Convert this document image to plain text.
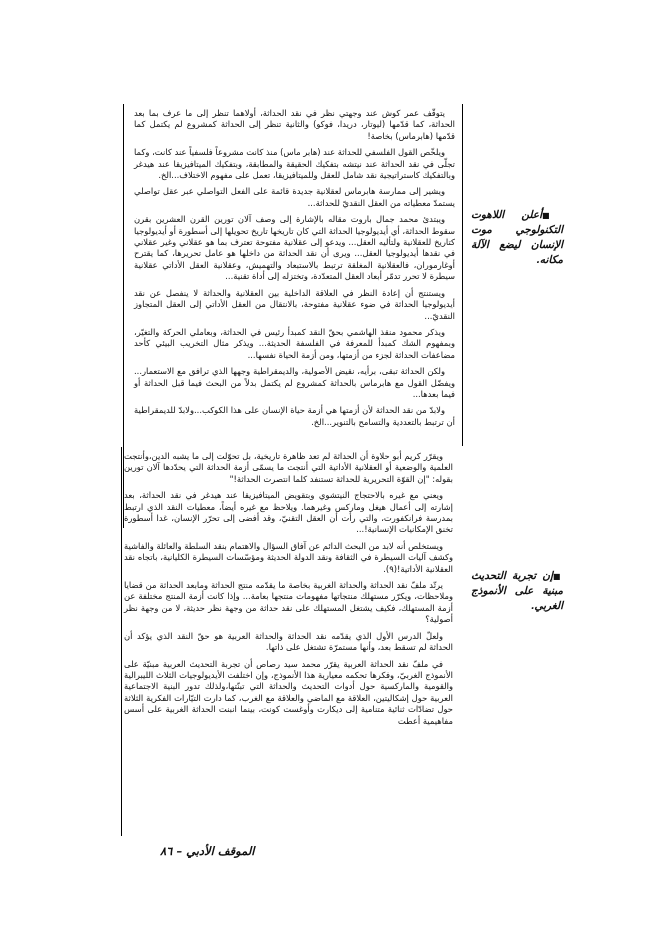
يتوقّف عمر كوش عند وجهتي نظر في نقد الحداثة، أولاهما تنظر إلى ما عرف بما بعد الحداثة، كما قدّمها (ليوتار، دريدا، فوكو) والثانية تنظر إلى الحداثة كمشروع لم يكتمل كما قدّمها (هابرماس) بخاصة!

ويلخّص القول الفلسفي للحداثة عند (هابر ماس) منذ كانت مشروعاً فلسفياً عند كانت، وكما تجلّى في نقد الحداثة عند نيتشه بتفكيك الحقيقة والمطابقة، وبتفكيك الميتافيزيقا عند هيدغر وبالتفكيك كاستراتيجية نقد شامل للعقل وللميتافيزيقا، تعمل على مفهوم الاختلاف...الخ.

ويشير إلى ممارسة هابرماس لعقلانية جديدة قائمة على الفعل التواصلي عبر عقل تواصلي يستمدّ معطياته من العقل النقديّ للحداثة...

ويبتدئ محمد جمال باروت مقاله بالإشارة إلى وصف آلان تورين القرن العشرين بقرن سقوط الحداثة، أي أيديولوجيا الحداثة التي كان تاريخها تاريخ تحويلها إلى أسطورة أو أيديولوجيا كتاريخ للعقلانية ولتأليه العقل... ويدعو إلى عقلانية مفتوحة تعترف بما هو عقلاني وغير عقلاني في نقدها أيديولوجيا العقل... ويرى أن نقد الحداثة من داخلها هو عامل تحريرها، كما يقترح أوغارموران، فالعقلانية المغلقة ترتبط بالاستبعاد والتهميش، وعقلانية العقل الأداتي عقلانية سيطرة لا تحرر تدمّر أبعاد العقل المتعدّدة، وتختزله إلى أداة تقنية...

ويستنتج أن إعادة النظر في العلاقة الداخلية بين العقلانية والحداثة لا ينفصل عن نقد أيديولوجيا الحداثة في ضوء عقلانية مفتوحة، بالانتقال من العقل الأداتي إلى العقل المتجاوز النقديّ...

ويذكر محمود منقذ الهاشمي بحقّ النقد كمبدأ رئيس في الحداثة، وبعاملي الحركة والتغيّر، وبمفهوم الشك كمبدأ للمعرفة في الفلسفة الحديثة... ويذكر مثال التخريب البيئي كأحد مضاعفات الحداثة لجزء من أزمتها، ومن أزمة الحياة نفسها...

ولكن الحداثة تبقى، برأيه، نقيض الأصولية، والديمقراطية وجهها الذي ترافق مع الاستعمار... ويفضّل القول مع هابرماس بالحداثة كمشروع لم يكتمل بدلاً من البحث فيما قبل الحداثة أو فيما بعدها...

ولابدّ من نقد الحداثة لأن أزمتها هي أزمة حياة الإنسان على هذا الكوكب...ولابدّ للديمقراطية أن ترتبط بالتعددية والتسامح بالتنوير...الخ.

ويقرّر كريم أبو حلاوة أن الحداثة لم تعد ظاهرة تاريخية، بل تحوّلت إلى ما يشبه الدين،وأنتجت العلمية والوضعية أو العقلانية الأداتية التي أنتجت ما يسمّى أزمة الحداثة التي يحدّدها آلان تورين بقوله: "إن القوّة التحريرية للحداثة تستنفد كلما انتصرت الحداثة!"

ويعني مع غيره بالاحتجاج النيتشوي وبتقويض الميتافيزيقا عند هيدغر في نقد الحداثة، بعد إشارته إلى أعمال هيغل وماركس وغيرهما. ويلاحظ مع غيره أيضاً، معطيات النقد الذي ارتبط بمدرسة فرانكفورت، والتي رأت أن العقل التقنيّ، وقد أفضى إلى تحرّر الإنسان، غدا أسطورة تخنق الإمكانيات الإنسانية!...

ويستخلص أنه لابد من البحث الدائم عن آفاق السؤال والاهتمام بنقد السلطة والعائلة والفاشية وكشف آليات السيطرة في الثقافة ونقد الدولة الحديثة ومؤسّسات السيطرة الكليانية، باتجاه نقد العقلانية الأداتية!(٩).

يرتّد ملفّ نقد الحداثة والحداثة الغربية بخاصة ما يقدّمه منتج الحداثة ومابعد الحداثة من قضايا وملاحظات، ويكرّر مستهلك منتجاتها مفهومات منتجها بعامة... وإذا كانت أزمة المنتج مختلفة عن أزمة المستهلك، فكيف يشتغل المستهلك على نقد حداثة من وجهة نظر حديثة، لا من وجهة نظر أصولية؟

ولعلّ الدرس الأول الذي يقدّمه نقد الحداثة والحداثة العربية هو حقّ النقد الذي يؤكد أن الحداثة لم تسقط بعد، وأنها مستمرّة تشتغل على ذاتها.

في ملفّ نقد الحداثة العربية يقرّر محمد سيد رصاص أن تجربة التحديث العربية مبنيّة على الأنموذج الغربيّ، وفكرها تحكمه معيارية هذا الأنموذج، وإن اختلفت الأيديولوجيات الثلاث الليبرالية والقومية والماركسية حول أدوات التحديث والحداثة التي تبنّتها،ولذلك تدور البنية الاجتماعية العربية حول إشكاليتين، العلاقة مع الماضي والعلاقة مع الغرب، كما دارت التيّارات الفكرية الثلاثة حول تضادّات ثنائية متنامية إلى ديكارت وأوغست كونت، بينما انبنت الحداثة الغربية على أسس مفاهيمية أعطت

■أعلن اللاهوت التكنولوجي موت الإنسان ليضع الآلة مكانه.
■إن تجربة التحديث مبنية على الأنموذج الغربي.
الموقف الأدبي – ٨٦
